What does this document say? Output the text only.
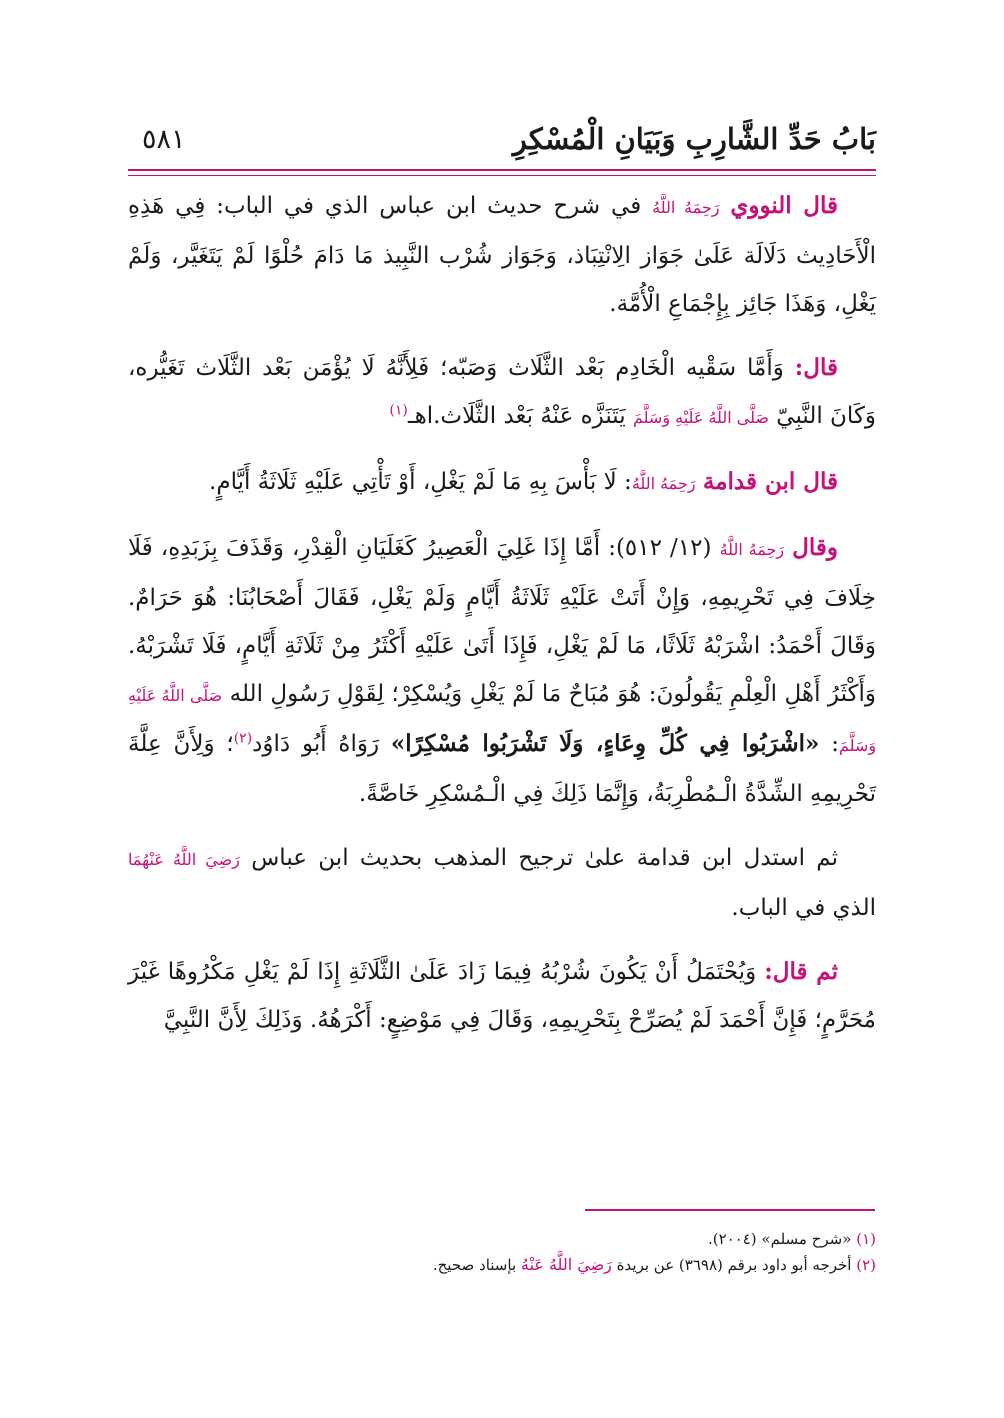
بَابُ حَدِّ الشَّارِبِ وَبَيَانِ الْمُسْكِرِ
٥٨١

قال النووي رَحِمَهُ اللَّهُ في شرح حديث ابن عباس الذي في الباب: فِي هَذِهِ الْأَحَادِيث دَلَالَة عَلَىٰ جَوَاز الِانْتِبَاذ، وَجَوَاز شُرْب النَّبِيذ مَا دَامَ حُلْوًا لَمْ يَتَغَيَّر، وَلَمْ يَغْلِ، وَهَذَا جَائِز بِإِجْمَاعِ الْأُمَّة.

قال: وَأَمَّا سَقْيه الْخَادِم بَعْد الثَّلَاث وَصَبّه؛ فَلِأَنَّهُ لَا يُؤْمَن بَعْد الثَّلَاث تَغَيُّره، وَكَانَ النَّبِيّ صَلَّى اللَّهُ عَلَيْهِ وَسَلَّمَ يَتَنَزَّه عَنْهُ بَعْد الثَّلَاث.اهـ$^{(١)}$

قال ابن قدامة رَحِمَهُ اللَّهُ: لَا بَأْسَ بِهِ مَا لَمْ يَغْلِ، أَوْ تَأْتِي عَلَيْهِ ثَلَاثَةُ أَيَّامٍ.

وقال رَحِمَهُ اللَّهُ (١٢/ ٥١٢): أَمَّا إِذَا غَلِيَ الْعَصِيرُ كَغَلَيَانِ الْقِدْرِ، وَقَذَفَ بِزَبَدِهِ، فَلَا خِلَافَ فِي تَحْرِيمِهِ، وَإِنْ أَتَتْ عَلَيْهِ ثَلَاثَةُ أَيَّامٍ وَلَمْ يَغْلِ، فَقَالَ أَصْحَابُنَا: هُوَ حَرَامٌ. وَقَالَ أَحْمَدُ: اشْرَبْهُ ثَلَاثًا، مَا لَمْ يَغْلِ، فَإِذَا أَتَىٰ عَلَيْهِ أَكْثَرُ مِنْ ثَلَاثَةِ أَيَّامٍ، فَلَا تَشْرَبْهُ. وَأَكْثَرُ أَهْلِ الْعِلْمِ يَقُولُونَ: هُوَ مُبَاحٌ مَا لَمْ يَغْلِ وَيُسْكِرْ؛ لِقَوْلِ رَسُولِ الله صَلَّى اللَّهُ عَلَيْهِ وَسَلَّمَ: «اشْرَبُوا فِي كُلِّ وِعَاءٍ، وَلَا تَشْرَبُوا مُسْكِرًا» رَوَاهُ أَبُو دَاوُد$^{(٢)}$؛ وَلِأَنَّ عِلَّةَ تَحْرِيمِهِ الشِّدَّةُ الْـمُطْرِبَةُ، وَإِنَّمَا ذَلِكَ فِي الْـمُسْكِرِ خَاصَّةً.

ثم استدل ابن قدامة علىٰ ترجيح المذهب بحديث ابن عباس رَضِيَ اللَّهُ عَنْهُمَا الذي في الباب.

ثم قال: وَيُحْتَمَلُ أَنْ يَكُونَ شُرْبُهُ فِيمَا زَادَ عَلَىٰ الثَّلَاثَةِ إِذَا لَمْ يَغْلِ مَكْرُوهًا غَيْرَ مُحَرَّمٍ؛ فَإِنَّ أَحْمَدَ لَمْ يُصَرِّحْ بِتَحْرِيمِهِ، وَقَالَ فِي مَوْضِعٍ: أَكْرَهُهُ. وَذَلِكَ لِأَنَّ النَّبِيَّ

(١) «شرح مسلم» (٢٠٠٤).

(٢) أخرجه أبو داود برقم (٣٦٩٨) عن بريدة رَضِيَ اللَّهُ عَنْهُ بإسناد صحيح.
